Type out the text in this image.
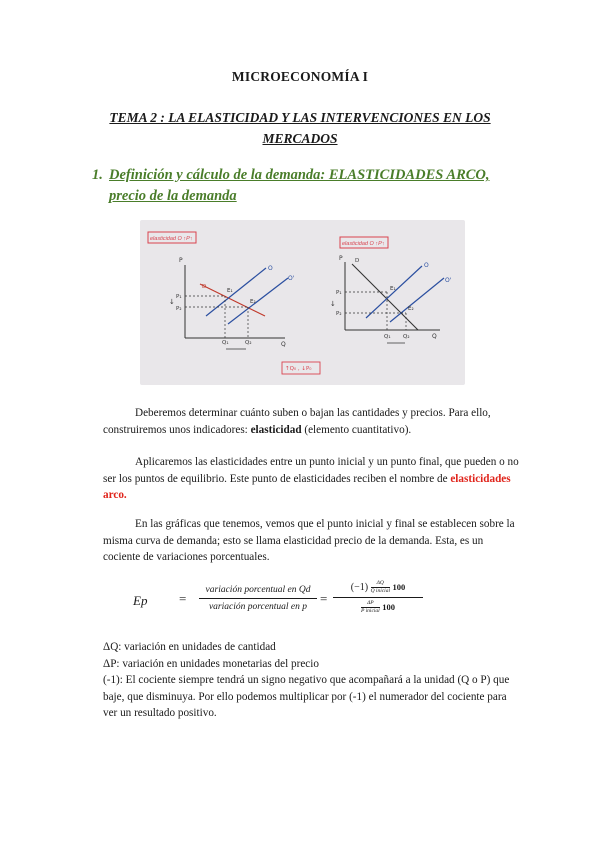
MICROECONOMÍA I
TEMA 2 : LA ELASTICIDAD Y LAS INTERVENCIONES EN LOS MERCADOS
1. Definición y cálculo de la demanda: ELASTICIDADES ARCO, precio de la demanda
elasticidad O ↑P↑
P
Q
D
O
O'
E₁
E₂
P₁
P₂
↓
Q₁	Q₂
↑Q₀ , ↓P₀
elasticidad O ↑P↑
P
Q
D
O
O'
E₁
E₂
P₁
P₂
↓
Q₁ Q₂
Deberemos determinar cuánto suben o bajan las cantidades y precios. Para ello, construiremos unos indicadores: elasticidad (elemento cuantitativo).
Aplicaremos las elasticidades entre un punto inicial y un punto final, que pueden o no ser los puntos de equilibrio. Este punto de elasticidades reciben el nombre de elasticidades arco.
En las gráficas que tenemos, vemos que el punto inicial y final se establecen sobre la misma curva de demanda; esto se llama elasticidad precio de la demanda. Esta, es un cociente de variaciones porcentuales.
Ep =
variación porcentual en Qd
variación porcentual en p
=
$(-1) \frac{\Delta Q}{\text{Q inicial}} 100$
$\frac{\Delta P}{\text{P inicial}} 100$
ΔQ: variación en unidades de cantidad
ΔP: variación en unidades monetarias del precio
(-1): El cociente siempre tendrá un signo negativo que acompañará a la unidad (Q o P) que baje, que disminuya. Por ello podemos multiplicar por (-1) el numerador del cociente para ver un resultado positivo.
